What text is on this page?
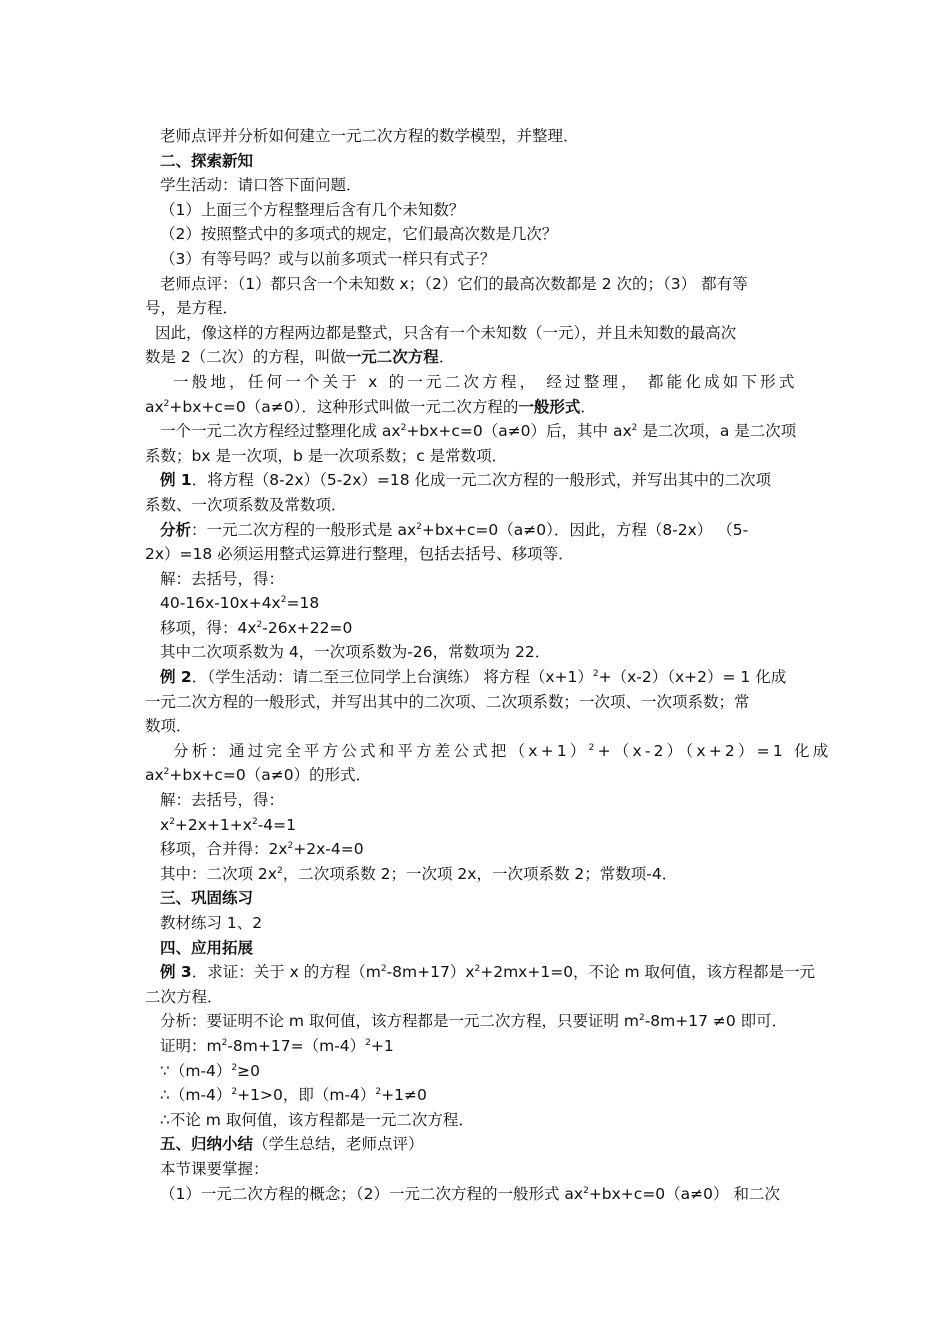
老师点评并分析如何建立一元二次方程的数学模型，并整理．
二、探索新知
学生活动：请口答下面问题．
（1）上面三个方程整理后含有几个未知数？
（2）按照整式中的多项式的规定，它们最高次数是几次？
（3）有等号吗？或与以前多项式一样只有式子？
老师点评：（1）都只含一个未知数 x；（2）它们的最高次数都是 2 次的；（3） 都有等
号，是方程．
因此，像这样的方程两边都是整式，只含有一个未知数（一元），并且未知数的最高次
数是 2（二次）的方程，叫做一元二次方程．
一般地，任何一个关于 x 的一元二次方程， 经过整理， 都能化成如下形式
$ax^2+bx+c=0(a\ne 0)$．这种形式叫做一元二次方程的一般形式．
一个一元二次方程经过整理化成 $ax^2+bx+c=0(a\ne 0)$后，其中 $ax^2$ 是二次项，a 是二次项
系数；bx 是一次项，b 是一次项系数；c 是常数项．
例 1．将方程（8-2x）（5-2x）=18 化成一元二次方程的一般形式，并写出其中的二次项
系数、一次项系数及常数项．
分析：一元二次方程的一般形式是 $ax^2+bx+c=0(a\ne 0)$．因此，方程（8-2x） （5-
2x）=18 必须运用整式运算进行整理，包括去括号、移项等．
解：去括号，得：
$40-16x-10x+4x^2=18$
移项，得：$4x^2-26x+22=0$
其中二次项系数为 4，一次项系数为-26，常数项为 22．
例 2．（学生活动：请二至三位同学上台演练） 将方程$(x+1)^2+(x-2)(x+2)= 1$ 化成
一元二次方程的一般形式，并写出其中的二次项、二次项系数；一次项、一次项系数；常
数项．
分析：通过完全平方公式和平方差公式把$(x+1)^2+(x-2)(x+2)=1$ 化成
$ax^2+bx+c=0(a\ne 0)$的形式．
解：去括号，得：
$x^2+2x+1+x^2-4=1$
移项，合并得：$2x^2+2x-4=0$
其中：二次项 $2x^2$，二次项系数 2；一次项 2x，一次项系数 2；常数项-4．
三、巩固练习
教材练习 1、2
四、应用拓展
例 3．求证：关于 x 的方程$(m^2-8m+17)x^2+2mx+1=0$，不论 m 取何值，该方程都是一元
二次方程．
分析：要证明不论 m 取何值，该方程都是一元二次方程，只要证明 $m^2-8m+17 \ne 0$ 即可．
证明：$m^2-8m+17=(m-4)^2+1$
$\because(m-4)^2\ge 0$
$\therefore(m-4)^2+1>0$，即$(m-4)^2+1\ne 0$
∴不论 m 取何值，该方程都是一元二次方程．
五、归纳小结（学生总结，老师点评）
本节课要掌握：
（1）一元二次方程的概念；（2）一元二次方程的一般形式 $ax^2+bx+c=0(a\ne 0)$ 和二次
